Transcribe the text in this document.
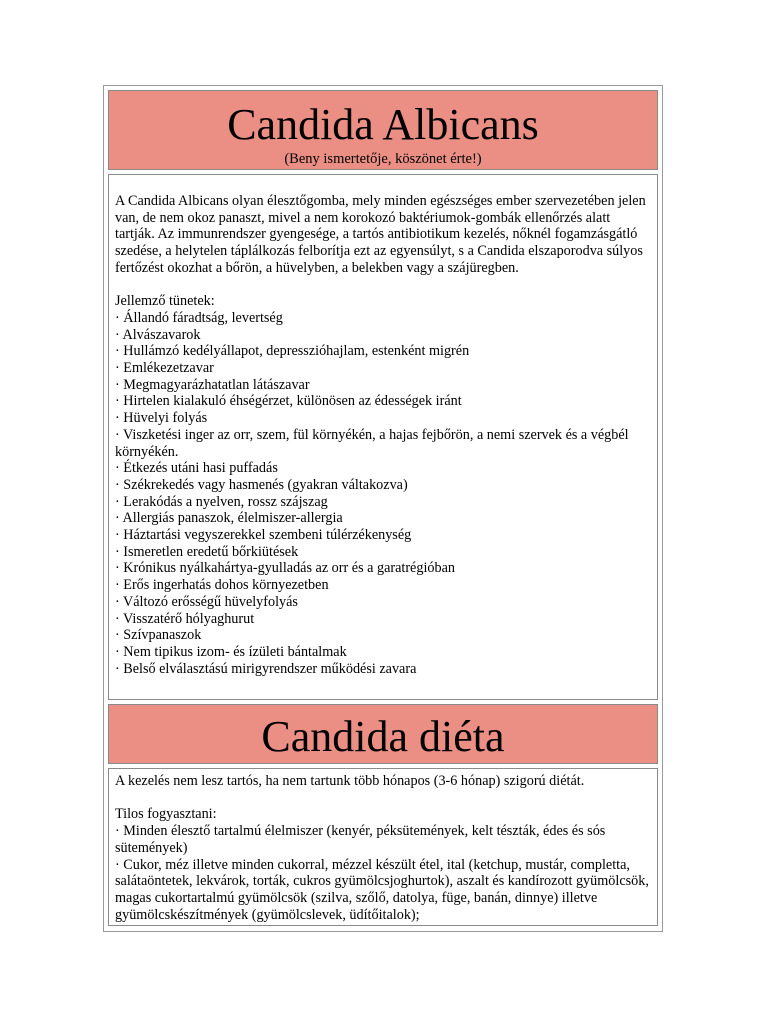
Candida Albicans
(Beny ismertetője, köszönet érte!)
A Candida Albicans olyan élesztőgomba, mely minden egészséges ember szervezetében jelen van, de nem okoz panaszt, mivel a nem korokozó baktériumok-gombák ellenőrzés alatt tartják. Az immunrendszer gyengesége, a tartós antibiotikum kezelés, nőknél fogamzásgátló szedése, a helytelen táplálkozás felborítja ezt az egyensúlyt, s a Candida elszaporodva súlyos fertőzést okozhat a bőrön, a hüvelyben, a belekben vagy a szájüregben.
Jellemző tünetek:
· Állandó fáradtság, levertség
· Alvászavarok
· Hullámzó kedélyállapot, depresszióhajlam, estenként migrén
· Emlékezetzavar
· Megmagyarázhatatlan látászavar
· Hirtelen kialakuló éhségérzet, különösen az édességek iránt
· Hüvelyi folyás
· Viszketési inger az orr, szem, fül környékén, a hajas fejbőrön, a nemi szervek és a végbél környékén.
· Étkezés utáni hasi puffadás
· Székrekedés vagy hasmenés (gyakran váltakozva)
· Lerakódás a nyelven, rossz szájszag
· Allergiás panaszok, élelmiszer-allergia
· Háztartási vegyszerekkel szembeni túlérzékenység
· Ismeretlen eredetű bőrkiütések
· Krónikus nyálkahártya-gyulladás az orr és a garatrégióban
· Erős ingerhatás dohos környezetben
· Változó erősségű hüvelyfolyás
· Visszatérő hólyaghurut
· Szívpanaszok
· Nem tipikus izom- és ízületi bántalmak
· Belső elválasztású mirigyrendszer működési zavara
Candida diéta
A kezelés nem lesz tartós, ha nem tartunk több hónapos (3-6 hónap) szigorú diétát.
Tilos fogyasztani:
· Minden élesztő tartalmú élelmiszer (kenyér, péksütemények, kelt tészták, édes és sós sütemények)
· Cukor, méz illetve minden cukorral, mézzel készült étel, ital (ketchup, mustár, completta, salátaöntetek, lekvárok, torták, cukros gyümölcsjoghurtok), aszalt és kandírozott gyümölcsök, magas cukortartalmú gyümölcsök (szilva, szőlő, datolya, füge, banán, dinnye) illetve gyümölcskészítmények (gyümölcslevek, üdítőitalok);
